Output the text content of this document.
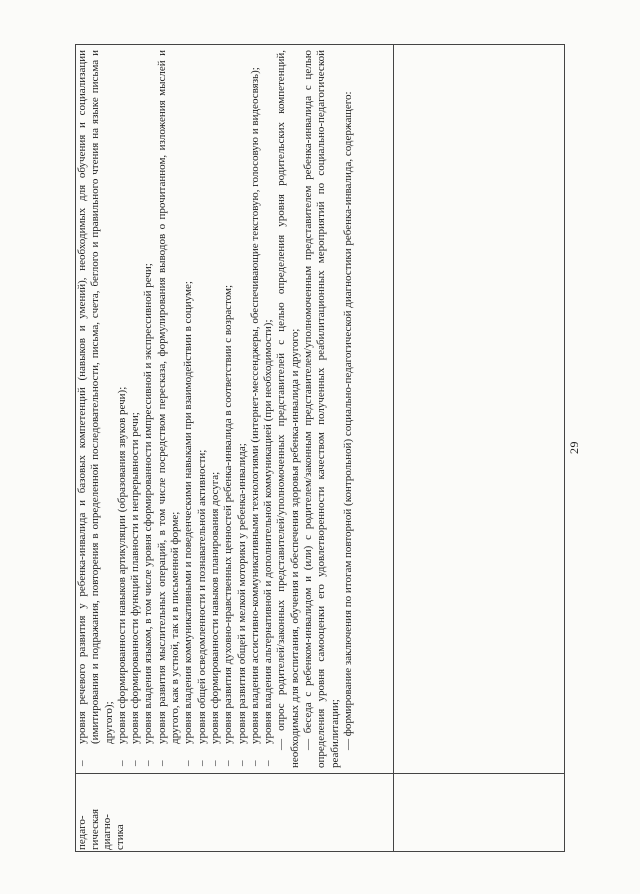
29
педаго- гическая диагно- стика
–
уровня речевого развития у ребенка-инвалида и базовых компетенций (навыков и умений), необходимых для обучения и социализации (имитирования и подражания, повторения в определенной последовательности, письма, счета, беглого и правильного чтения на языке письма и другого);
–
уровня сформированности навыков артикуляции (образования звуков речи);
–
уровня сформированности функций плавности и непрерывности речи;
–
уровня владения языком, в том числе уровня сформированности импрессивной и экспрессивной речи;
–
уровня развития мыслительных операций, в том числе посредством пересказа, формулирования выводов о прочитанном, изложения мыслей и другого, как в устной, так и в письменной форме;
–
уровня владения коммуникативными и поведенческими навыками при взаимодействии в социуме;
–
уровня общей осведомленности и познавательной активности;
–
уровня сформированности навыков планирования досуга;
–
уровня развития духовно-нравственных ценностей ребенка-инвалида в соответствии с возрастом;
–
уровня развития общей и мелкой моторики у ребенка-инвалида;
–
уровня владения ассистивно-коммуникативными технологиями (интернет-мессенджеры, обеспечивающие текстовую, голосовую и видеосвязь);
–
уровня владения альтернативной и дополнительной коммуникацией (при необходимости);
— опрос родителей/законных представителей/уполномоченных представителей с целью определения уровня родительских компетенций, необходимых для воспитания, обучения и обеспечения здоровья ребенка-инвалида и другого; — беседа с ребенком-инвалидом и (или) с родителем/законным представителем/уполномоченным представителем ребенка-инвалида с целью определения уровня самооценки его удовлетворенности качеством полученных реабилитационных мероприятий по социально-педагогической реабилитации; — формирование заключения по итогам повторной (контрольной) социально-педагогической диагностики ребенка-инвалида, содержащего:
